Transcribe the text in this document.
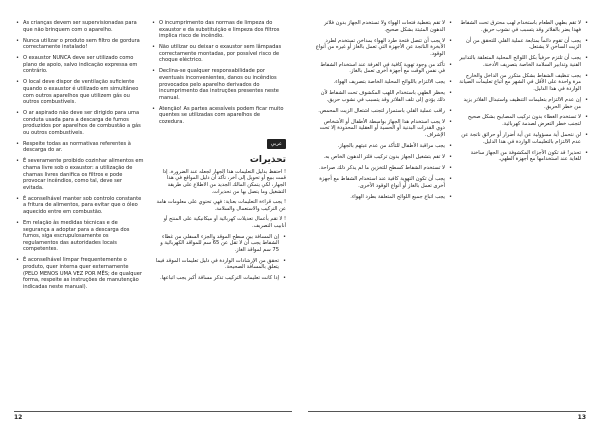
• As crianças devem ser supervisionadas para que não brinquem com o aparelho.
• Nunca utilizar o produto sem filtro de gordura correctamente instalado!
• O exaustor NUNCA deve ser utilizado como plano de apoio, salvo indicação expressa em contrário.
• O local deve dispor de ventilação suficiente quando o exaustor é utilizado em simultâneo com outros aparelhos que utilizem gás ou outros combustíveis.
• O ar aspirado não deve ser dirigido para uma conduta usada para a descarga de fumos produzidos por aparelhos de combustão a gás ou outros combustíveis.
• Respeite todas as normativas referentes à descarga do ar.
• É severamente proibido cozinhar alimentos em chama livre sob o exaustor: a utilização de chamas livres danifica os filtros e pode provocar incêndios, como tal, deve ser evitada.
• É aconselhável manter sob controlo constante a fritura de alimentos, para evitar que o óleo aquecido entre em combustão.
• Em relação às medidas técnicas e de segurança a adoptar para a descarga dos fumos, siga escrupulosamente os regulamentos das autoridades locais competentes.
• É aconselhável limpar frequentemente o produto, quer interna quer externamente (PELO MENOS UMA VEZ POR MÊS; de qualquer forma, respeite as instruções de manutenção indicadas neste manual).
• O incumprimento das normas de limpeza do exaustor e da substituição e limpeza dos filtros implica risco de incêndio.
• Não utilizar ou deixar o exaustor sem lâmpadas correctamente montadas, por possível risco de choque eléctrico.
• Declina-se qualquer responsabilidade por eventuais inconvenientes, danos ou incêndios provocados pelo aparelho derivados do incumprimento das instruções presentes neste manual.
• Atenção! As partes acessíveis podem ficar muito quentes se utilizadas com aparelhos de cozedura.
عربي
تحذيرات

! احتفظ بدليل التعليمات هذا الجهاز لجعله عند الضرورة. إذا قمت ببيع أو تحويل إلى آخر، تأكد أن دليل المواقع في هذا الجهاز، لكي يتمكن المالك الجديد من الاطلاع على طريقة التشغيل وما يتصل بها من تحذيرات.

! يجب قراءة التعليمات بعناية: فهي تحتوي على معلومات هامة عن التركيب والاستعمال والسلامة.

! لا تقم بأعمال تعديلات كهربائية أو ميكانيكية على المنتج أو أنابيب التصريف.

• إن المسافة بين سطح الموقد والجزء السفلي من غطاء الشفاط يجب أن لا تقل عن 65 سم للمواقد الكهربائية و 75 سم لمواقد الغاز.
• تحقق من الإرشادات الواردة في دليل تعليمات الموقد فيما يتعلق بالمسافة الصحيحة.
• إذا كانت تعليمات التركيب تذكر مسافة أكبر يجب اتباعها.
• لا تقم بتغطية فتحات الهواء ولا تستخدم الجهاز بدون فلاتر الدهون المثبتة بشكل صحيح.
• لا يجب أن تتصل فتحة طرد الهواء بمداخن تستخدم لطرد الأبخرة الناتجة عن الأجهزة التي تعمل بالغاز أو غيره من أنواع الوقود.
• تأكد من وجود تهوية كافية في الغرفة عند استخدام الشفاط في نفس الوقت مع أجهزة أخرى تعمل بالغاز.
• يجب الالتزام باللوائح المحلية الخاصة بتصريف الهواء.
• يحظر الطهي باستخدام اللهب المكشوف تحت الشفاط لأن ذلك يؤدي إلى تلف الفلاتر وقد يتسبب في نشوب حريق.
• راقب عملية القلي باستمرار لتجنب اشتعال الزيت المحمص.
• لا يجب استخدام هذا الجهاز بواسطة الأطفال أو الأشخاص ذوي القدرات البدنية أو الحسية أو العقلية المحدودة إلا تحت الإشراف.
• يجب مراقبة الأطفال للتأكد من عدم عبثهم بالجهاز.
• لا تقم بتشغيل الجهاز بدون تركيب فلتر الدهون الخاص به.
• لا تستخدم الشفاط كسطح للتخزين ما لم يذكر ذلك صراحة.
• يجب أن تكون التهوية كافية عند استخدام الشفاط مع أجهزة أخرى تعمل بالغاز أو أنواع الوقود الأخرى.
• يجب اتباع جميع اللوائح المتعلقة بطرد الهواء.
• لا تقم بطهي الطعام باستخدام لهب محترق تحت الشفاط فهذا يضر بالفلاتر وقد يتسبب في نشوب حريق.
• يجب أن تقوم دائماً بمتابعة عملية القلي للتحقق من أن الزيت الساخن لا يشتعل.
• يجب أن تلتزم حرفياً بكل اللوائح المحلية المتعلقة بالتدابير الفنية وتدابير السلامة الخاصة بتصريف الأدخنة.
• يجب تنظيف الشفاط بشكل متكرر من الداخل والخارج مرة واحدة على الأقل في الشهر مع اتباع تعليمات الصيانة الواردة في هذا الدليل.
• إن عدم الالتزام بتعليمات التنظيف واستبدال الفلاتر يزيد من خطر الحريق.
• لا تستخدم الغطاء بدون تركيب المصابيح بشكل صحيح لتجنب خطر التعرض لصدمة كهربائية.
• لن نتحمل أية مسؤولية عن أية أضرار أو حرائق ناتجة عن عدم الالتزام بالتعليمات الواردة في هذا الدليل.
• تحذير! قد تكون الأجزاء المكشوفة من الجهاز ساخنة للغاية عند استخدامها مع أجهزة الطهي.
12	13
